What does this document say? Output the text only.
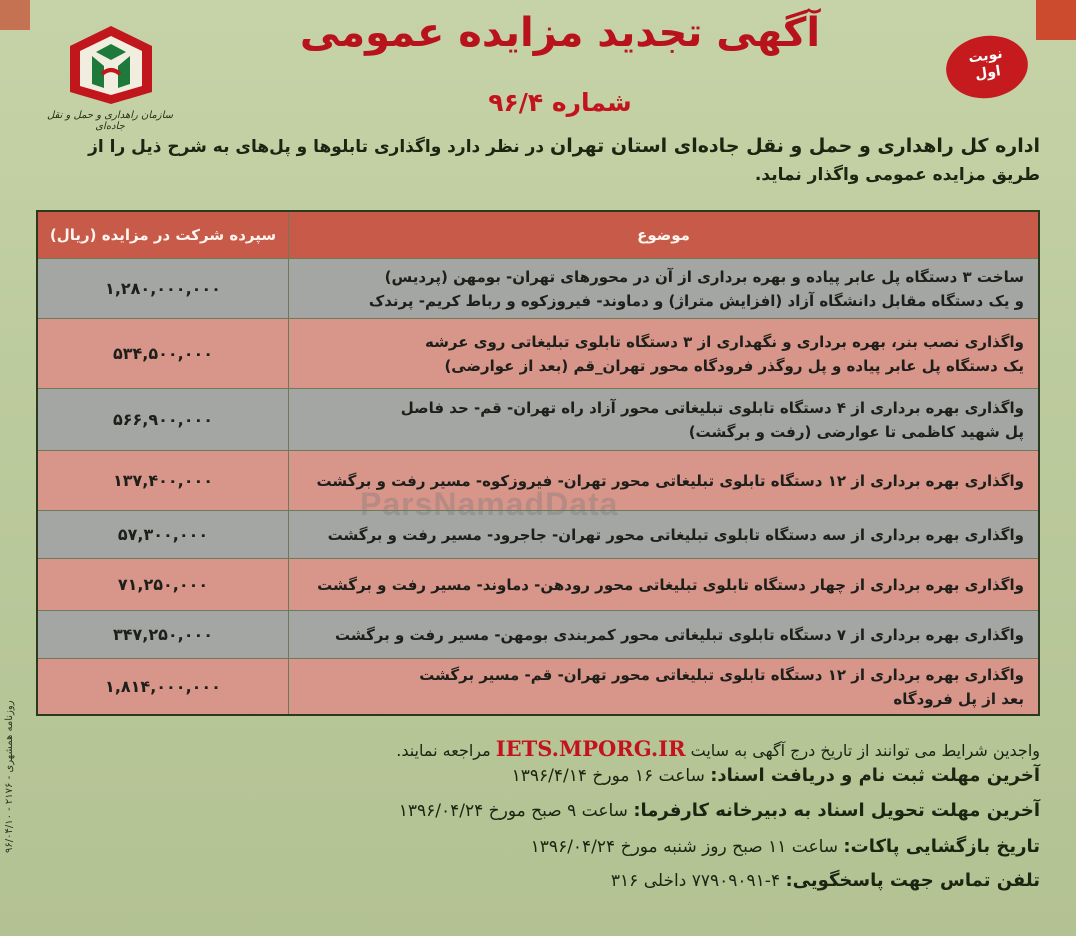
سازمان راهداری و حمل و نقل جاده‌ای
آگهی تجدید مزایده عمومی
شماره ۹۶/۴
نوبت
اول
اداره کل راهداری و حمل و نقل جاده‌ای استان تهران در نظر دارد واگذاری تابلوها و پل‌های به شرح ذیل را از طریق مزایده عمومی واگذار نماید.
موضوع
سپرده شرکت در مزایده (ریال)
ساخت ۳ دستگاه پل عابر پیاده و بهره برداری از آن در محورهای تهران- بومهن (پردیس)
و یک دستگاه مقابل دانشگاه آزاد (افزایش متراژ) و دماوند- فیروزکوه و رباط کریم- پرندک
۱,۲۸۰,۰۰۰,۰۰۰
واگذاری نصب بنر، بهره برداری و نگهداری از ۳ دستگاه تابلوی تبلیغاتی روی عرشه
یک دستگاه پل عابر پیاده و پل روگذر فرودگاه محور تهران_قم (بعد از عوارضی)
۵۳۴,۵۰۰,۰۰۰
واگذاری بهره برداری از ۴ دستگاه تابلوی تبلیغاتی محور آزاد راه تهران- قم- حد فاصل
پل شهید کاظمی تا عوارضی (رفت و برگشت)
۵۶۶,۹۰۰,۰۰۰
واگذاری بهره برداری از ۱۲ دستگاه تابلوی تبلیغاتی محور تهران- فیروزکوه- مسیر رفت و برگشت
۱۳۷,۴۰۰,۰۰۰
واگذاری بهره برداری از سه دستگاه تابلوی تبلیغاتی محور تهران- جاجرود- مسیر رفت و برگشت
۵۷,۳۰۰,۰۰۰
واگذاری بهره برداری از چهار دستگاه تابلوی تبلیغاتی محور رودهن- دماوند- مسیر رفت و برگشت
۷۱,۲۵۰,۰۰۰
واگذاری بهره برداری از ۷ دستگاه تابلوی تبلیغاتی محور کمربندی بومهن- مسیر رفت و برگشت
۳۴۷,۲۵۰,۰۰۰
واگذاری بهره برداری از ۱۲ دستگاه تابلوی تبلیغاتی محور تهران- قم- مسیر برگشت
بعد از پل فرودگاه
۱,۸۱۴,۰۰۰,۰۰۰
ParsNamadData
واجدین شرایط می توانند از تاریخ درج آگهی به سایت IETS.MPORG.IR مراجعه نمایند.
آخرین مهلت ثبت نام و دریافت اسناد: ساعت ۱۶ مورخ ۱۳۹۶/۴/۱۴
آخرین مهلت تحویل اسناد به دبیرخانه کارفرما: ساعت ۹ صبح مورخ ۱۳۹۶/۰۴/۲۴
تاریخ بازگشایی پاکات: ساعت ۱۱ صبح روز شنبه مورخ ۱۳۹۶/۰۴/۲۴
تلفن تماس جهت پاسخگویی: ۴-۷۷۹۰۹۰۹۱ داخلی ۳۱۶
روزنامه همشهری - ۲۱۷۶ - ۹۶/۰۴/۱۰
